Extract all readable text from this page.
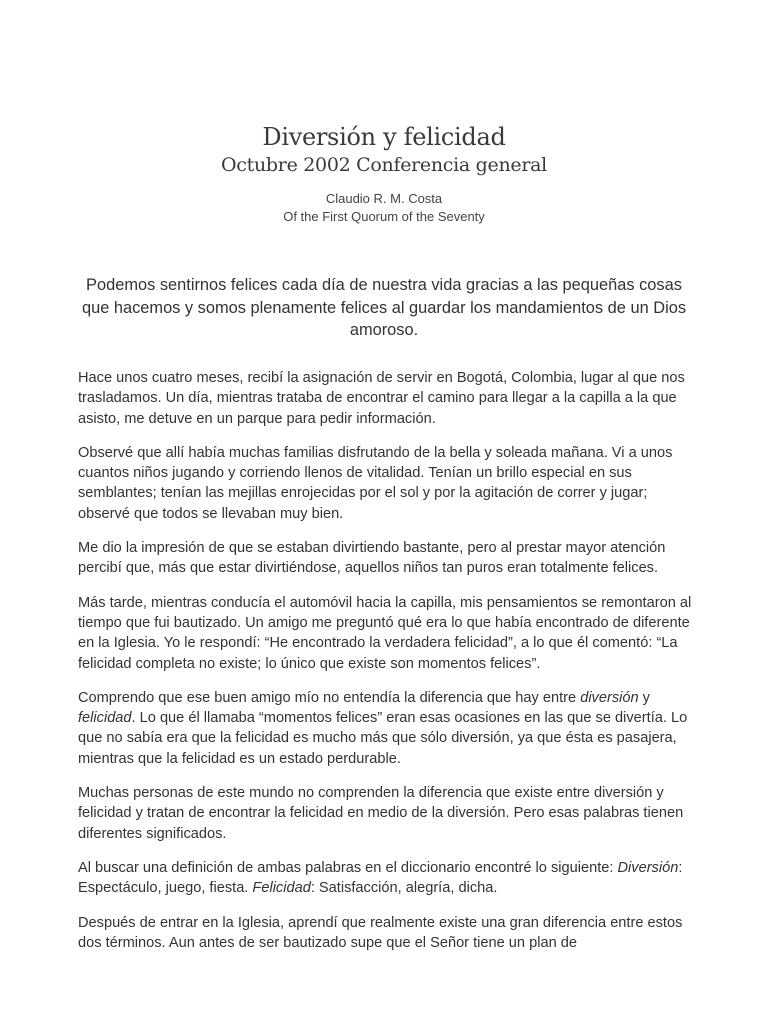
Diversión y felicidad
Octubre 2002 Conferencia general
Claudio R. M. Costa
Of the First Quorum of the Seventy
Podemos sentirnos felices cada día de nuestra vida gracias a las pequeñas cosas que hacemos y somos plenamente felices al guardar los mandamientos de un Dios amoroso.

Hace unos cuatro meses, recibí la asignación de servir en Bogotá, Colombia, lugar al que nos trasladamos. Un día, mientras trataba de encontrar el camino para llegar a la capilla a la que asisto, me detuve en un parque para pedir información.

Observé que allí había muchas familias disfrutando de la bella y soleada mañana. Vi a unos cuantos niños jugando y corriendo llenos de vitalidad. Tenían un brillo especial en sus semblantes; tenían las mejillas enrojecidas por el sol y por la agitación de correr y jugar; observé que todos se llevaban muy bien.

Me dio la impresión de que se estaban divirtiendo bastante, pero al prestar mayor atención percibí que, más que estar divirtiéndose, aquellos niños tan puros eran totalmente felices.

Más tarde, mientras conducía el automóvil hacia la capilla, mis pensamientos se remontaron al tiempo que fui bautizado. Un amigo me preguntó qué era lo que había encontrado de diferente en la Iglesia. Yo le respondí: “He encontrado la verdadera felicidad”, a lo que él comentó: “La felicidad completa no existe; lo único que existe son momentos felices”.

Comprendo que ese buen amigo mío no entendía la diferencia que hay entre diversión y felicidad. Lo que él llamaba “momentos felices” eran esas ocasiones en las que se divertía. Lo que no sabía era que la felicidad es mucho más que sólo diversión, ya que ésta es pasajera, mientras que la felicidad es un estado perdurable.

Muchas personas de este mundo no comprenden la diferencia que existe entre diversión y felicidad y tratan de encontrar la felicidad en medio de la diversión. Pero esas palabras tienen diferentes significados.

Al buscar una definición de ambas palabras en el diccionario encontré lo siguiente: Diversión: Espectáculo, juego, fiesta. Felicidad: Satisfacción, alegría, dicha.

Después de entrar en la Iglesia, aprendí que realmente existe una gran diferencia entre estos dos términos. Aun antes de ser bautizado supe que el Señor tiene un plan de
